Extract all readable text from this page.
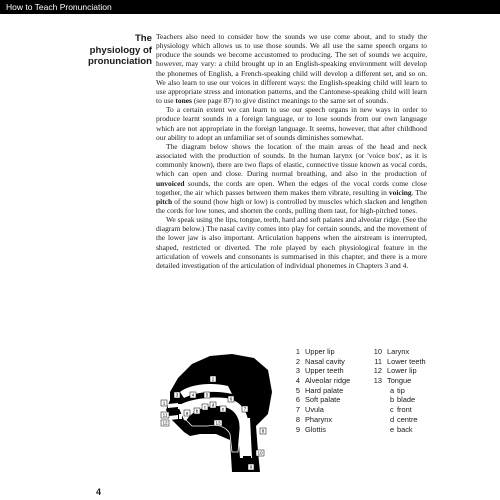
How to Teach Pronunciation
The physiology of pronunciation

Teachers also need to consider how the sounds we use come about, and to study the physiology which allows us to use those sounds. We all use the same speech organs to produce the sounds we become accustomed to producing. The set of sounds we acquire, however, may vary: a child brought up in an English-speaking environment will develop the phonemes of English, a French-speaking child will develop a different set, and so on. We also learn to use our voices in different ways: the English-speaking child will learn to use appropriate stress and intonation patterns, and the Cantonese-speaking child will learn to use tones (see page 87) to give distinct meanings to the same set of sounds.

To a certain extent we can learn to use our speech organs in new ways in order to produce learnt sounds in a foreign language, or to lose sounds from our own language which are not appropriate in the foreign language. It seems, however, that after childhood our ability to adopt an unfamiliar set of sounds diminishes somewhat.

The diagram below shows the location of the main areas of the head and neck associated with the production of sounds. In the human larynx (or 'voice box', as it is commonly known), there are two flaps of elastic, connective tissue known as vocal cords, which can open and close. During normal breathing, and also in the production of unvoiced sounds, the cords are open. When the edges of the vocal cords come close together, the air which passes between them makes them vibrate, resulting in voicing. The pitch of the sound (how high or low) is controlled by muscles which slacken and lengthen the cords for low tones, and shorten the cords, pulling them taut, for high-pitched tones.

We speak using the lips, tongue, teeth, hard and soft palates and alveolar ridge. (See the diagram below.) The nasal cavity comes into play for certain sounds, and the movement of the lower jaw is also important. Articulation happens when the airstream is interrupted, shaped, restricted or diverted. The role played by each physiological feature in the articulation of vowels and consonants is summarised in this chapter, and there is a more detailed investigation of the articulation of individual phonemes in Chapters 3 and 4.

1
2
3	4 5
6
7
8
9
10
11
12	13
a b
c d
e
1 Upper lip
2 Nasal cavity
3 Upper teeth
4 Alveolar ridge
5 Hard palate
6 Soft palate
7 Uvula
8 Pharynx
9 Glottis
10 Larynx
11 Lower teeth
12 Lower lip
13 Tongue
a tip
b blade
c front
d centre
e back
4
